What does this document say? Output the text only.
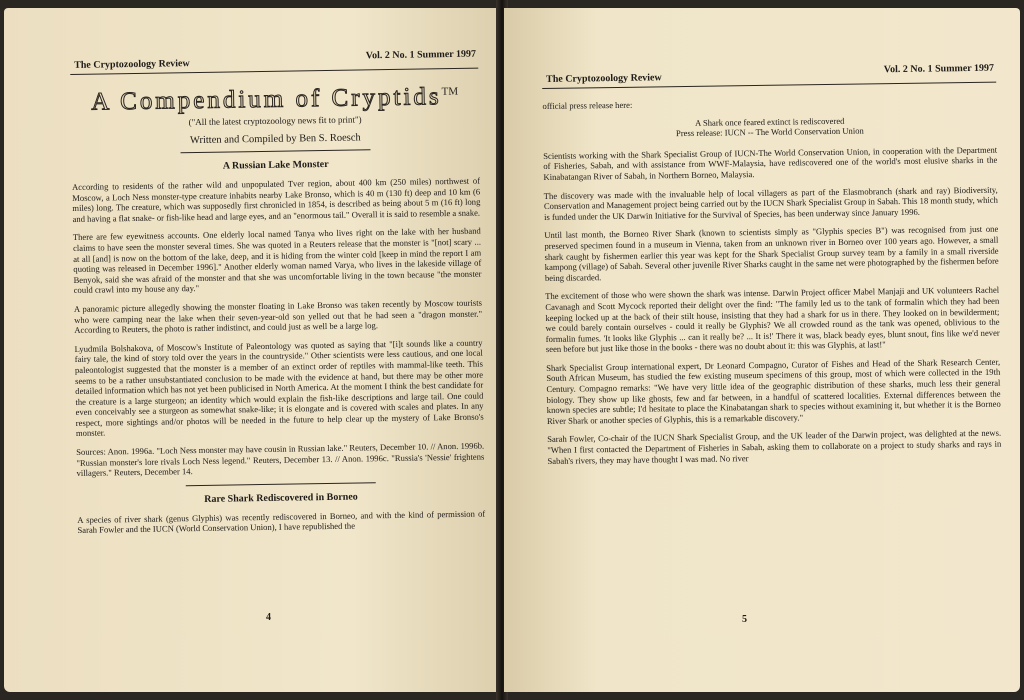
The Cryptozoology Review
Vol. 2 No. 1 Summer 1997
A Compendium of Cryptids™
("All the latest cryptozoology news fit to print")
Written and Compiled by Ben S. Roesch
A Russian Lake Monster

According to residents of the rather wild and unpopulated Tver region, about 400 km (250 miles) northwest of Moscow, a Loch Ness monster-type creature inhabits nearby Lake Bronso, which is 40 m (130 ft) deep and 10 km (6 miles) long. The creature, which was supposedly first chronicled in 1854, is described as being about 5 m (16 ft) long and having a flat snake- or fish-like head and large eyes, and an "enormous tail." Overall it is said to resemble a snake.

There are few eyewitness accounts. One elderly local named Tanya who lives right on the lake with her husband claims to have seen the monster several times. She was quoted in a Reuters release that the monster is "[not] scary ... at all [and] is now on the bottom of the lake, deep, and it is hiding from the winter cold [keep in mind the report I am quoting was released in December 1996]." Another elderly woman named Varya, who lives in the lakeside village of Benyok, said she was afraid of the monster and that she was uncomfortable living in the town because "the monster could crawl into my house any day."

A panoramic picture allegedly showing the monster floating in Lake Bronso was taken recently by Moscow tourists who were camping near the lake when their seven-year-old son yelled out that he had seen a "dragon monster." According to Reuters, the photo is rather indistinct, and could just as well be a large log.

Lyudmila Bolshakova, of Moscow's Institute of Paleontology was quoted as saying that "[i]t sounds like a country fairy tale, the kind of story told over the years in the countryside." Other scientists were less cautious, and one local paleontologist suggested that the monster is a member of an extinct order of reptiles with mammal-like teeth. This seems to be a rather unsubstantiated conclusion to be made with the evidence at hand, but there may be other more detailed information which has not yet been publicised in North America. At the moment I think the best candidate for the creature is a large sturgeon; an identity which would explain the fish-like descriptions and large tail. One could even conceivably see a sturgeon as somewhat snake-like; it is elongate and is covered with scales and plates. In any respect, more sightings and/or photos will be needed in the future to help clear up the mystery of Lake Bronso's monster.

Sources: Anon. 1996a. "Loch Ness monster may have cousin in Russian lake." Reuters, December 10. // Anon. 1996b. "Russian monster's lore rivals Loch Ness legend." Reuters, December 13. // Anon. 1996c. "Russia's 'Nessie' frightens villagers." Reuters, December 14.

Rare Shark Rediscovered in Borneo

A species of river shark (genus Glyphis) was recently rediscovered in Borneo, and with the kind of permission of Sarah Fowler and the IUCN (World Conservation Union), I have republished the

4
The Cryptozoology Review
Vol. 2 No. 1 Summer 1997

official press release here:

A Shark once feared extinct is rediscovered

Press release: IUCN -- The World Conservation Union

Scientists working with the Shark Specialist Group of IUCN-The World Conservation Union, in cooperation with the Department of Fisheries, Sabah, and with assistance from WWF-Malaysia, have rediscovered one of the world's most elusive sharks in the Kinabatangan River of Sabah, in Northern Borneo, Malaysia.

The discovery was made with the invaluable help of local villagers as part of the Elasmobranch (shark and ray) Biodiversity, Conservation and Management project being carried out by the IUCN Shark Specialist Group in Sabah. This 18 month study, which is funded under the UK Darwin Initiative for the Survival of Species, has been underway since January 1996.

Until last month, the Borneo River Shark (known to scientists simply as "Glyphis species B") was recognised from just one preserved specimen found in a museum in Vienna, taken from an unknown river in Borneo over 100 years ago. However, a small shark caught by fishermen earlier this year was kept for the Shark Specialist Group survey team by a family in a small riverside kampong (village) of Sabah. Several other juvenile River Sharks caught in the same net were photographed by the fishermen before being discarded.

The excitement of those who were shown the shark was intense. Darwin Project officer Mabel Manjaji and UK volunteers Rachel Cavanagh and Scott Mycock reported their delight over the find: "The family led us to the tank of formalin which they had been keeping locked up at the back of their stilt house, insisting that they had a shark for us in there. They looked on in bewilderment; we could barely contain ourselves - could it really be Glyphis? We all crowded round as the tank was opened, oblivious to the formalin fumes. 'It looks like Glyphis ... can it really be? ... It is!' There it was, black beady eyes, blunt snout, fins like we'd never seen before but just like those in the books - there was no doubt about it: this was Glyphis, at last!"

Shark Specialist Group international expert, Dr Leonard Compagno, Curator of Fishes and Head of the Shark Research Center, South African Museum, has studied the few existing museum specimens of this group, most of which were collected in the 19th Century. Compagno remarks: "We have very little idea of the geographic distribution of these sharks, much less their general biology. They show up like ghosts, few and far between, in a handful of scattered localities. External differences between the known species are subtle; I'd hesitate to place the Kinabatangan shark to species without examining it, but whether it is the Borneo River Shark or another species of Glyphis, this is a remarkable discovery."

Sarah Fowler, Co-chair of the IUCN Shark Specialist Group, and the UK leader of the Darwin project, was delighted at the news. "When I first contacted the Department of Fisheries in Sabah, asking them to collaborate on a project to study sharks and rays in Sabah's rivers, they may have thought I was mad. No river

5
